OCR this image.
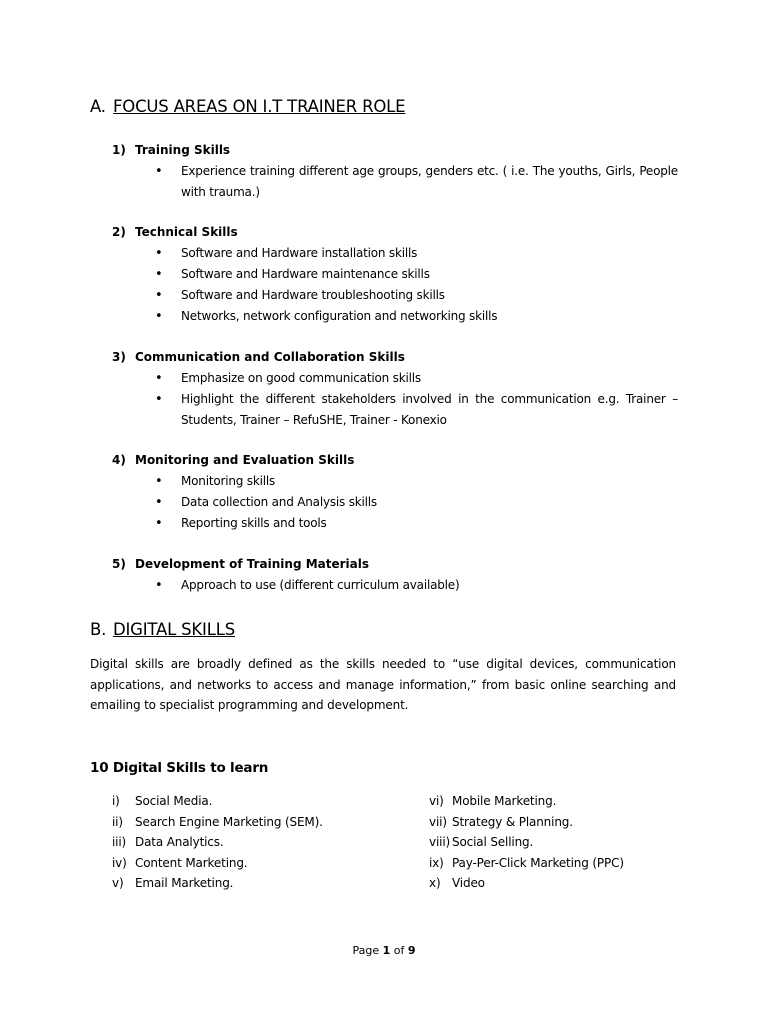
A. FOCUS AREAS ON I.T TRAINER ROLE
1) Training Skills
• Experience training different age groups, genders etc. ( i.e. The youths, Girls, People with trauma.)
2) Technical Skills
• Software and Hardware installation skills
• Software and Hardware maintenance skills
• Software and Hardware troubleshooting skills
• Networks, network configuration and networking skills
3) Communication and Collaboration Skills
• Emphasize on good communication skills
• Highlight the different stakeholders involved in the communication e.g. Trainer – Students, Trainer – RefuSHE, Trainer - Konexio
4) Monitoring and Evaluation Skills
• Monitoring skills
• Data collection and Analysis skills
• Reporting skills and tools
5) Development of Training Materials
• Approach to use (different curriculum available)
B. DIGITAL SKILLS

Digital skills are broadly defined as the skills needed to “use digital devices, communication applications, and networks to access and manage information,” from basic online searching and emailing to specialist programming and development.

10 Digital Skills to learn
i) Social Media.
ii) Search Engine Marketing (SEM).
iii) Data Analytics.
iv) Content Marketing.
v) Email Marketing.
vi) Mobile Marketing.
vii) Strategy & Planning.
viii) Social Selling.
ix) Pay-Per-Click Marketing (PPC)
x) Video

Page 1 of 9
